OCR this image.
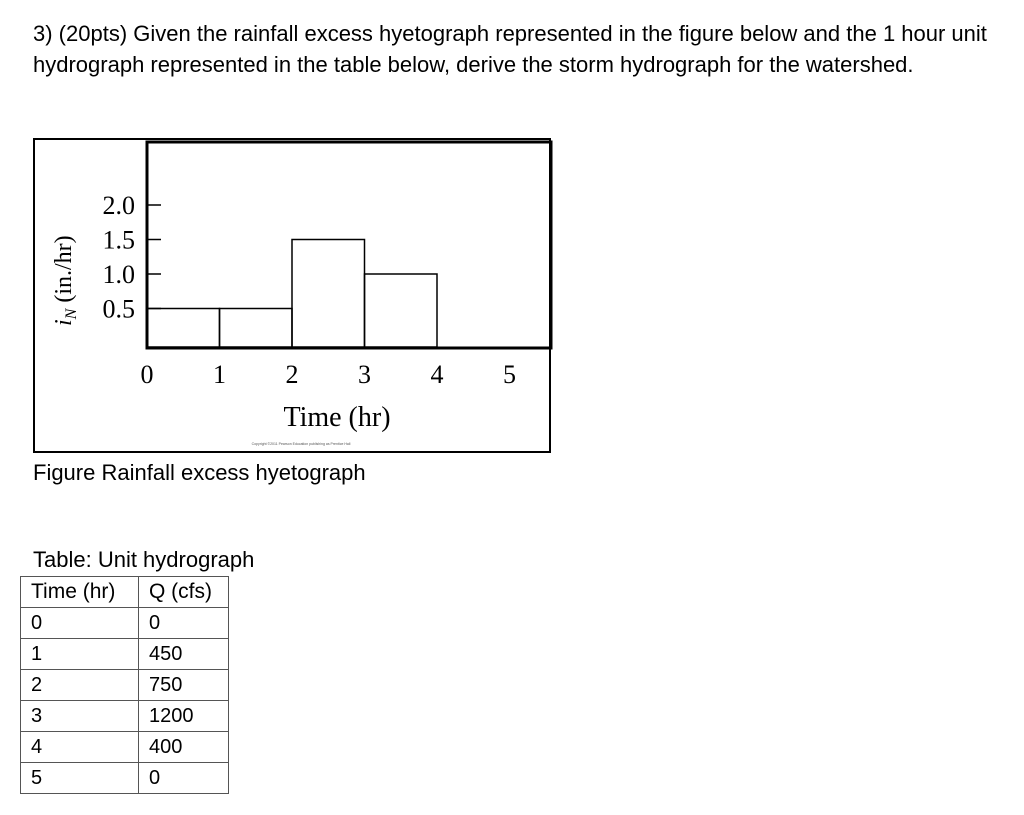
3) (20pts) Given the rainfall excess hyetograph represented in the figure below and the 1 hour unit hydrograph represented in the table below, derive the storm hydrograph for the watershed.

$i_N(in./hr)$
0.5
1.0
1.5
2.0
0 1 2 3 4 5
Time (hr)
Copyright ©2011 Pearson Education publishing as Prentice Hall

Figure Rainfall excess hyetograph

Table: Unit hydrograph

Time (hr)	Q (cfs)
0	0
1	450
2	750
3	1200
4	400
5	0
